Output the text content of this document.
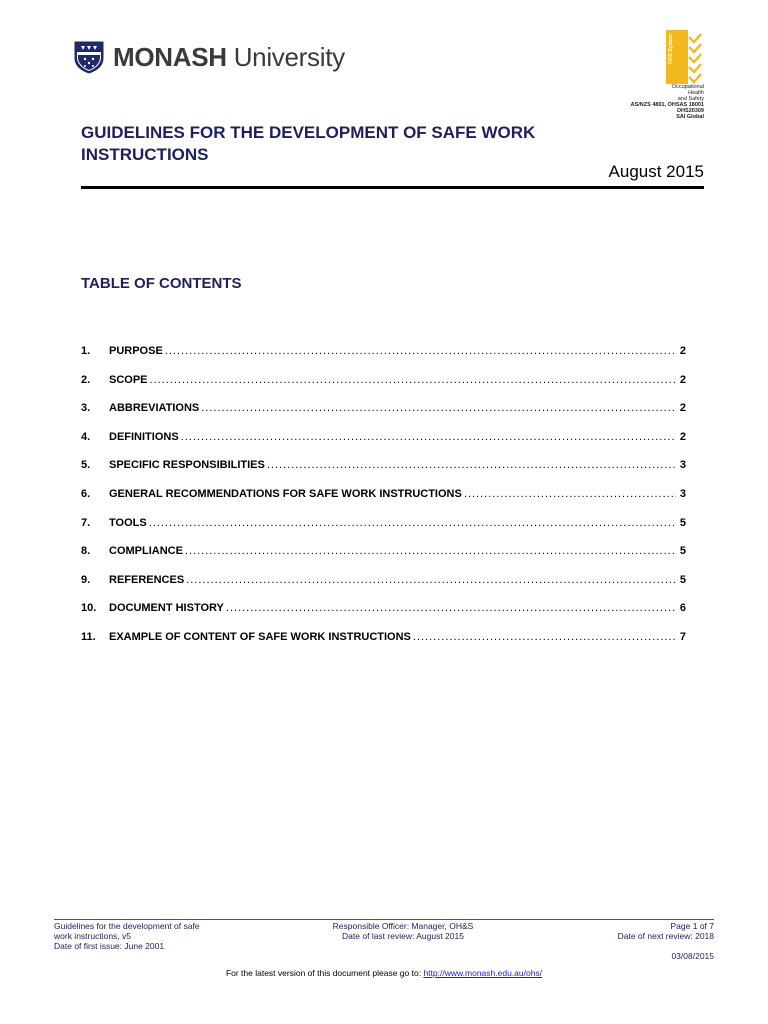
MONASH University	OHS System
Occupational
Health
and Safety
AS/NZS 4801, OHSAS 18001
OHS20309
SAI Global
GUIDELINES FOR THE DEVELOPMENT OF SAFE WORK INSTRUCTIONS
August 2015
TABLE OF CONTENTS
1.	PURPOSE .....	2
2.	SCOPE .....	2
3.	ABBREVIATIONS .....	2
4.	DEFINITIONS .....	2
5.	SPECIFIC RESPONSIBILITIES .....	3
6.	GENERAL RECOMMENDATIONS FOR SAFE WORK INSTRUCTIONS .....	3
7.	TOOLS .....	5
8.	COMPLIANCE .....	5
9.	REFERENCES .....	5
10.	DOCUMENT HISTORY .....	6
11.	EXAMPLE OF CONTENT OF SAFE WORK INSTRUCTIONS .....	7
Guidelines for the development of safe
work instructions, v5
Date of first issue: June 2001
Responsible Officer: Manager, OH&S
Date of last review: August 2015
Page 1 of 7
Date of next review: 2018
03/08/2015
For the latest version of this document please go to: http://www.monash.edu.au/ohs/
